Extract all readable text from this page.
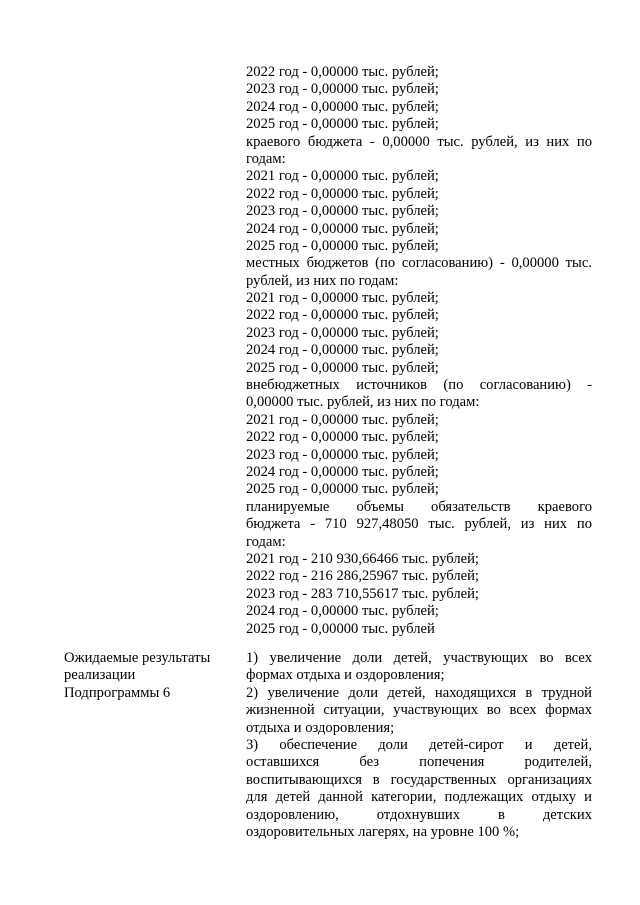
2022 год - 0,00000 тыс. рублей;
2023 год - 0,00000 тыс. рублей;
2024 год - 0,00000 тыс. рублей;
2025 год - 0,00000 тыс. рублей;
краевого бюджета - 0,00000 тыс. рублей, из них по
годам:
2021 год - 0,00000 тыс. рублей;
2022 год - 0,00000 тыс. рублей;
2023 год - 0,00000 тыс. рублей;
2024 год - 0,00000 тыс. рублей;
2025 год - 0,00000 тыс. рублей;
местных бюджетов (по согласованию) - 0,00000 тыс.
рублей, из них по годам:
2021 год - 0,00000 тыс. рублей;
2022 год - 0,00000 тыс. рублей;
2023 год - 0,00000 тыс. рублей;
2024 год - 0,00000 тыс. рублей;
2025 год - 0,00000 тыс. рублей;
внебюджетных источников (по согласованию) -
0,00000 тыс. рублей, из них по годам:
2021 год - 0,00000 тыс. рублей;
2022 год - 0,00000 тыс. рублей;
2023 год - 0,00000 тыс. рублей;
2024 год - 0,00000 тыс. рублей;
2025 год - 0,00000 тыс. рублей;
планируемые объемы обязательств краевого
бюджета - 710 927,48050 тыс. рублей, из них по
годам:
2021 год - 210 930,66466 тыс. рублей;
2022 год - 216 286,25967 тыс. рублей;
2023 год - 283 710,55617 тыс. рублей;
2024 год - 0,00000 тыс. рублей;
2025 год - 0,00000 тыс. рублей
Ожидаемые результаты
реализации
Подпрограммы 6
1) увеличение доли детей, участвующих во всех
формах отдыха и оздоровления;
2) увеличение доли детей, находящихся в трудной
жизненной ситуации, участвующих во всех формах
отдыха и оздоровления;
3) обеспечение доли детей-сирот и детей,
оставшихся без попечения родителей,
воспитывающихся в государственных организациях
для детей данной категории, подлежащих отдыху и
оздоровлению, отдохнувших в детских
оздоровительных лагерях, на уровне 100 %;
